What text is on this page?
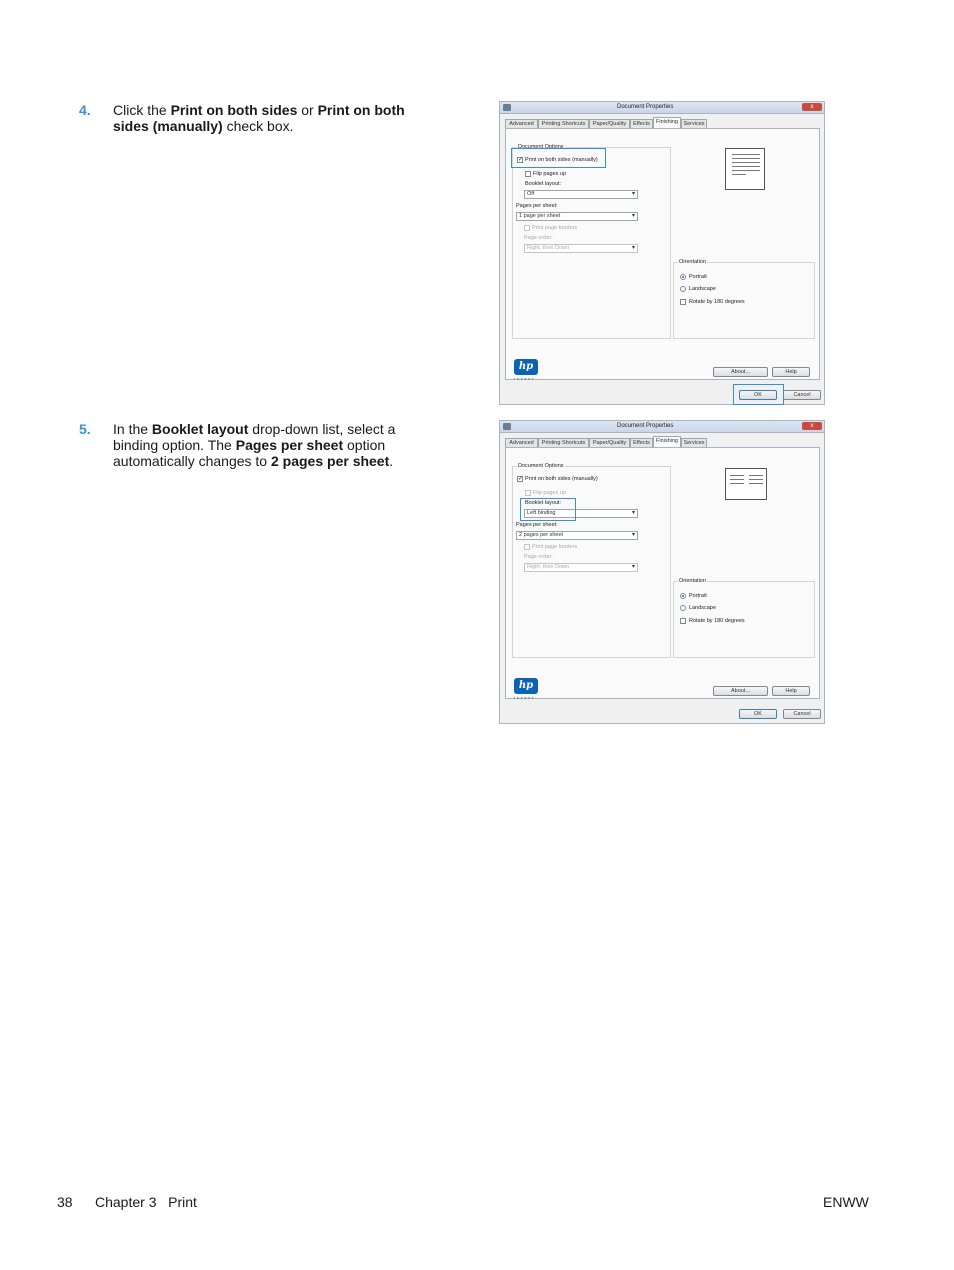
4. Click the Print on both sides or Print on both sides (manually) check box.
5. In the Booklet layout drop-down list, select a binding option. The Pages per sheet option automatically changes to 2 pages per sheet.
Document Properties	x
Advanced	Printing Shortcuts	Paper/Quality	Effects	Finishing Services
Document Options
✓
Print on both sides (manually)
Flip pages up
Booklet layout:
Off ▾
Pages per sheet:
1 page per sheet ▾
Print page borders
Page order:
Right, then Down ▾
Orientation
Portrait
Landscape
Rotate by 180 degrees
hp
invent
About...	Help
OK	Cancel
Document Properties	x
Advanced	Printing Shortcuts	Paper/Quality	Effects	Finishing Services
Document Options
✓
Print on both sides (manually)
Flip pages up
Booklet layout:
Left binding ▾
Pages per sheet:
2 pages per sheet ▾
Print page borders
Page order:
Right, then Down ▾
Orientation
Portrait
Landscape
Rotate by 180 degrees
hp
invent
About...	Help
OK	Cancel
38 Chapter 3   Print	ENWW
